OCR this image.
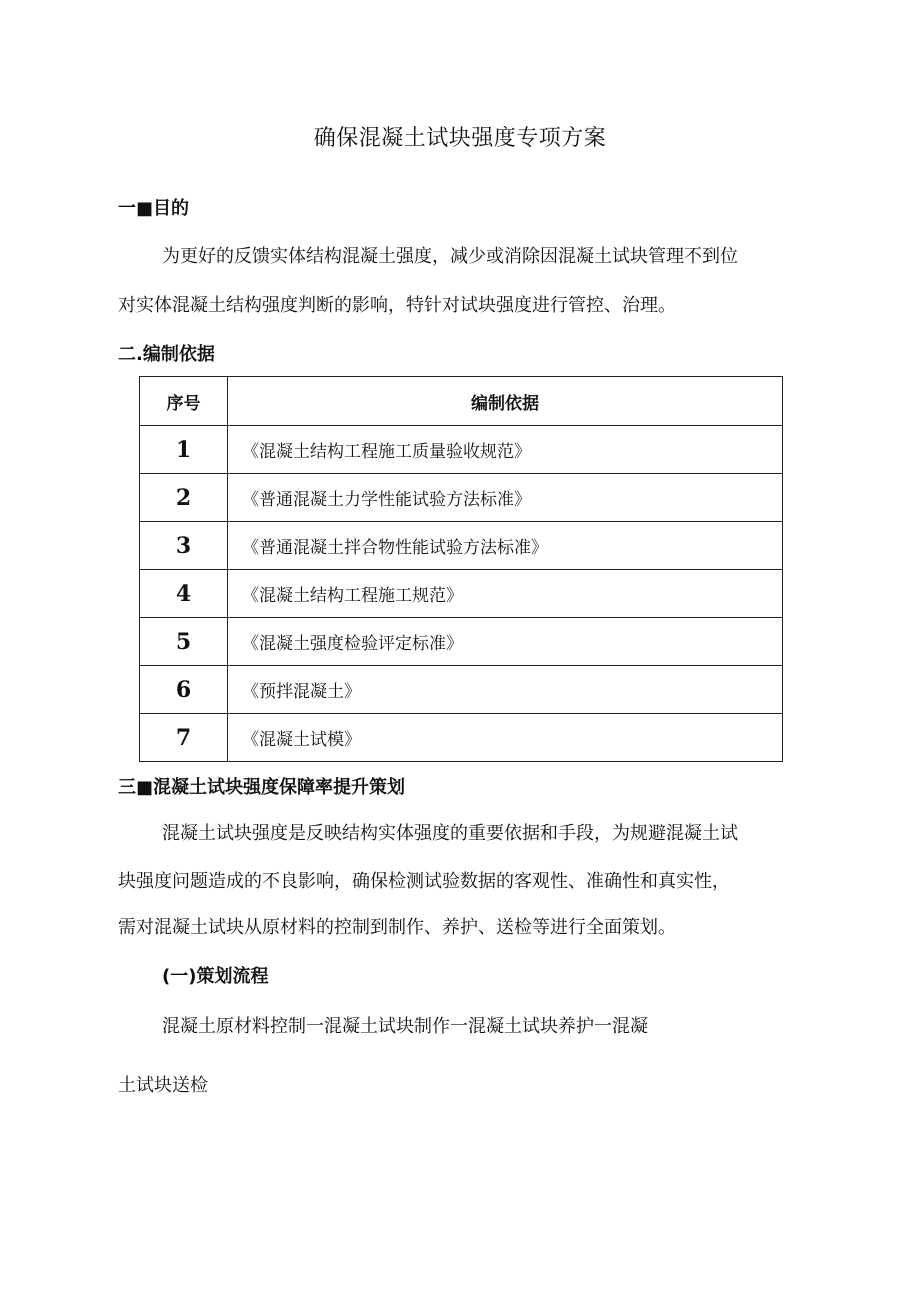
确保混凝土试块强度专项方案
一■目的
为更好的反馈实体结构混凝土强度，减少或消除因混凝土试块管理不到位
对实体混凝土结构强度判断的影响，特针对试块强度进行管控、治理。
二.编制依据
序号	编制依据
1	《混凝土结构工程施工质量验收规范》
2	《普通混凝土力学性能试验方法标准》
3	《普通混凝土拌合物性能试验方法标准》
4	《混凝土结构工程施工规范》
5	《混凝土强度检验评定标准》
6	《预拌混凝土》
7	《混凝土试模》
三■混凝土试块强度保障率提升策划
混凝土试块强度是反映结构实体强度的重要依据和手段，为规避混凝土试
块强度问题造成的不良影响，确保检测试验数据的客观性、准确性和真实性，
需对混凝土试块从原材料的控制到制作、养护、送检等进行全面策划。
(一)策划流程
混凝土原材料控制一混凝土试块制作一混凝土试块养护一混凝
土试块送检
